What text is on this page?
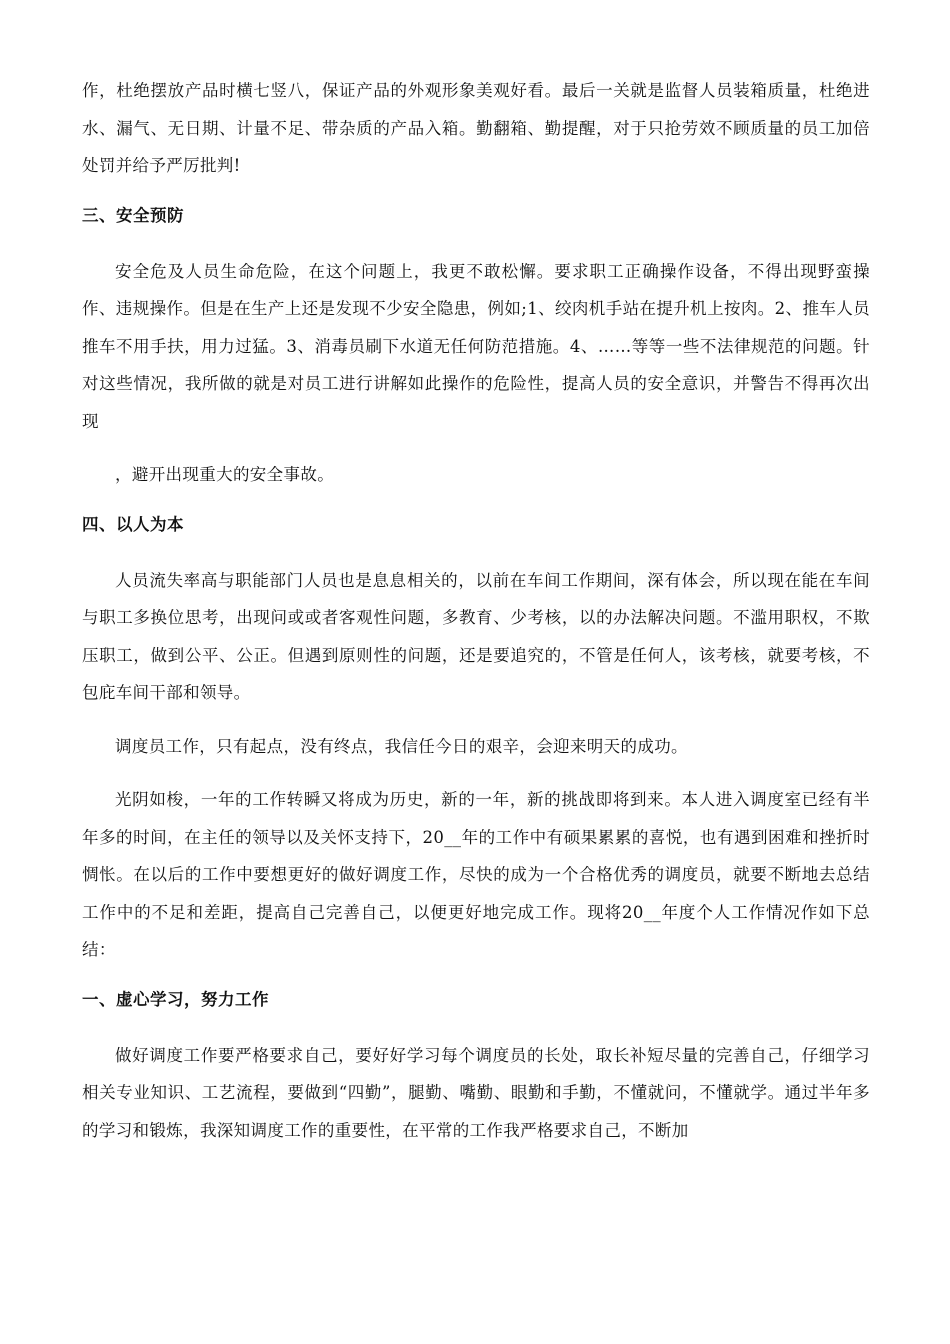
作，杜绝摆放产品时横七竖八，保证产品的外观形象美观好看。最后一关就是监督人员装箱质量，杜绝进水、漏气、无日期、计量不足、带杂质的产品入箱。勤翻箱、勤提醒，对于只抢劳效不顾质量的员工加倍处罚并给予严厉批判!

三、安全预防

安全危及人员生命危险，在这个问题上，我更不敢松懈。要求职工正确操作设备，不得出现野蛮操作、违规操作。但是在生产上还是发现不少安全隐患，例如;1、绞肉机手站在提升机上按肉。2、推车人员推车不用手扶，用力过猛。3、消毒员刷下水道无任何防范措施。4、……等等一些不法律规范的问题。针对这些情况，我所做的就是对员工进行讲解如此操作的危险性，提高人员的安全意识，并警告不得再次出现

，避开出现重大的安全事故。

四、以人为本

人员流失率高与职能部门人员也是息息相关的，以前在车间工作期间，深有体会，所以现在能在车间与职工多换位思考，出现问或或者客观性问题，多教育、少考核，以的办法解决问题。不滥用职权，不欺压职工，做到公平、公正。但遇到原则性的问题，还是要追究的，不管是任何人，该考核，就要考核，不包庇车间干部和领导。

调度员工作，只有起点，没有终点，我信任今日的艰辛，会迎来明天的成功。

光阴如梭，一年的工作转瞬又将成为历史，新的一年，新的挑战即将到来。本人进入调度室已经有半年多的时间，在主任的领导以及关怀支持下，20__年的工作中有硕果累累的喜悦，也有遇到困难和挫折时惆怅。在以后的工作中要想更好的做好调度工作，尽快的成为一个合格优秀的调度员，就要不断地去总结工作中的不足和差距，提高自己完善自己，以便更好地完成工作。现将20__年度个人工作情况作如下总结：

一、虚心学习，努力工作

做好调度工作要严格要求自己，要好好学习每个调度员的长处，取长补短尽量的完善自己，仔细学习相关专业知识、工艺流程，要做到“四勤”，腿勤、嘴勤、眼勤和手勤，不懂就问，不懂就学。通过半年多的学习和锻炼，我深知调度工作的重要性，在平常的工作我严格要求自己，不断加
